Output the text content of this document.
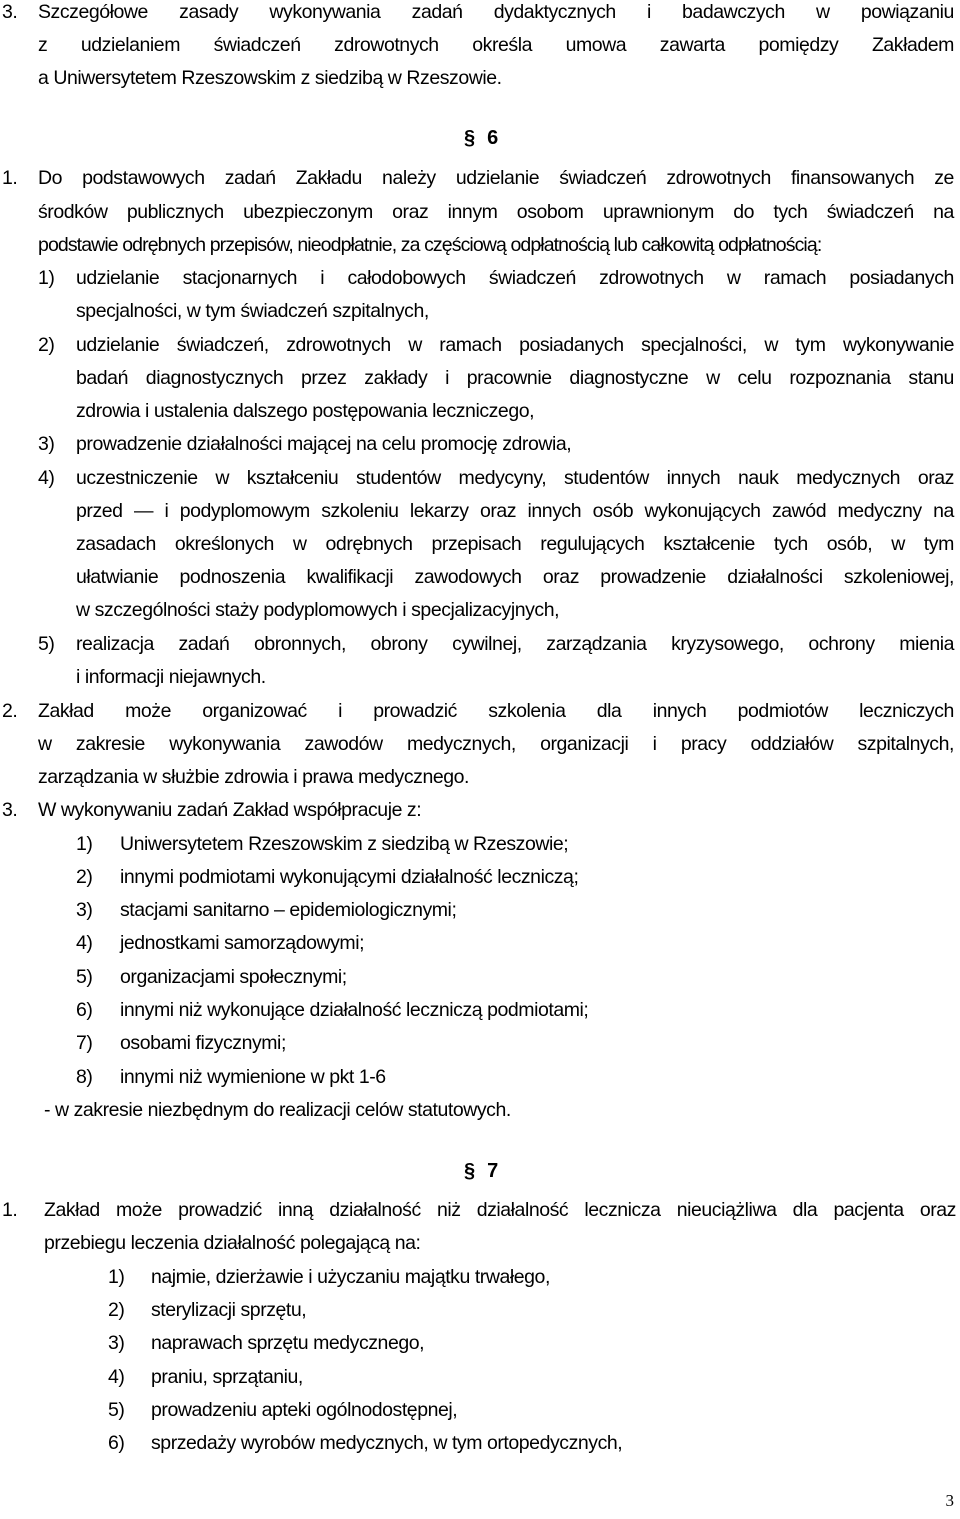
3. Szczegółowe zasady wykonywania zadań dydaktycznych i badawczych w powiązaniu
z udzielaniem świadczeń zdrowotnych określa umowa zawarta pomiędzy Zakładem
a Uniwersytetem Rzeszowskim z siedzibą w Rzeszowie.
§ 6
1. Do podstawowych zadań Zakładu należy udzielanie świadczeń zdrowotnych finansowanych ze
środków publicznych ubezpieczonym oraz innym osobom uprawnionym do tych świadczeń na
podstawie odrębnych przepisów, nieodpłatnie, za częściową odpłatnością lub całkowitą odpłatnością:
1) udzielanie stacjonarnych i całodobowych świadczeń zdrowotnych w ramach posiadanych
specjalności, w tym świadczeń szpitalnych,
2) udzielanie świadczeń, zdrowotnych w ramach posiadanych specjalności, w tym wykonywanie
badań diagnostycznych przez zakłady i pracownie diagnostyczne w celu rozpoznania stanu
zdrowia i ustalenia dalszego postępowania leczniczego,
3) prowadzenie działalności mającej na celu promocję zdrowia,
4) uczestniczenie w kształceniu studentów medycyny, studentów innych nauk medycznych oraz
przed — i podyplomowym szkoleniu lekarzy oraz innych osób wykonujących zawód medyczny na
zasadach określonych w odrębnych przepisach regulujących kształcenie tych osób, w tym
ułatwianie podnoszenia kwalifikacji zawodowych oraz prowadzenie działalności szkoleniowej,
w szczególności staży podyplomowych i specjalizacyjnych,
5) realizacja zadań obronnych, obrony cywilnej, zarządzania kryzysowego, ochrony mienia
i informacji niejawnych.
2. Zakład może organizować i prowadzić szkolenia dla innych podmiotów leczniczych
w zakresie wykonywania zawodów medycznych, organizacji i pracy oddziałów szpitalnych,
zarządzania w służbie zdrowia i prawa medycznego.
3. W wykonywaniu zadań Zakład współpracuje z:
1) Uniwersytetem Rzeszowskim z siedzibą w Rzeszowie;
2) innymi podmiotami wykonującymi działalność leczniczą;
3) stacjami sanitarno – epidemiologicznymi;
4) jednostkami samorządowymi;
5) organizacjami społecznymi;
6) innymi niż wykonujące działalność leczniczą podmiotami;
7) osobami fizycznymi;
8) innymi niż wymienione w pkt 1-6
- w zakresie niezbędnym do realizacji celów statutowych.
§ 7
1. Zakład może prowadzić inną działalność niż działalność lecznicza nieuciążliwa dla pacjenta oraz
przebiegu leczenia działalność polegającą na:
1) najmie, dzierżawie i użyczaniu majątku trwałego,
2) sterylizacji sprzętu,
3) naprawach sprzętu medycznego,
4) praniu, sprzątaniu,
5) prowadzeniu apteki ogólnodostępnej,
6) sprzedaży wyrobów medycznych, w tym ortopedycznych,
3
